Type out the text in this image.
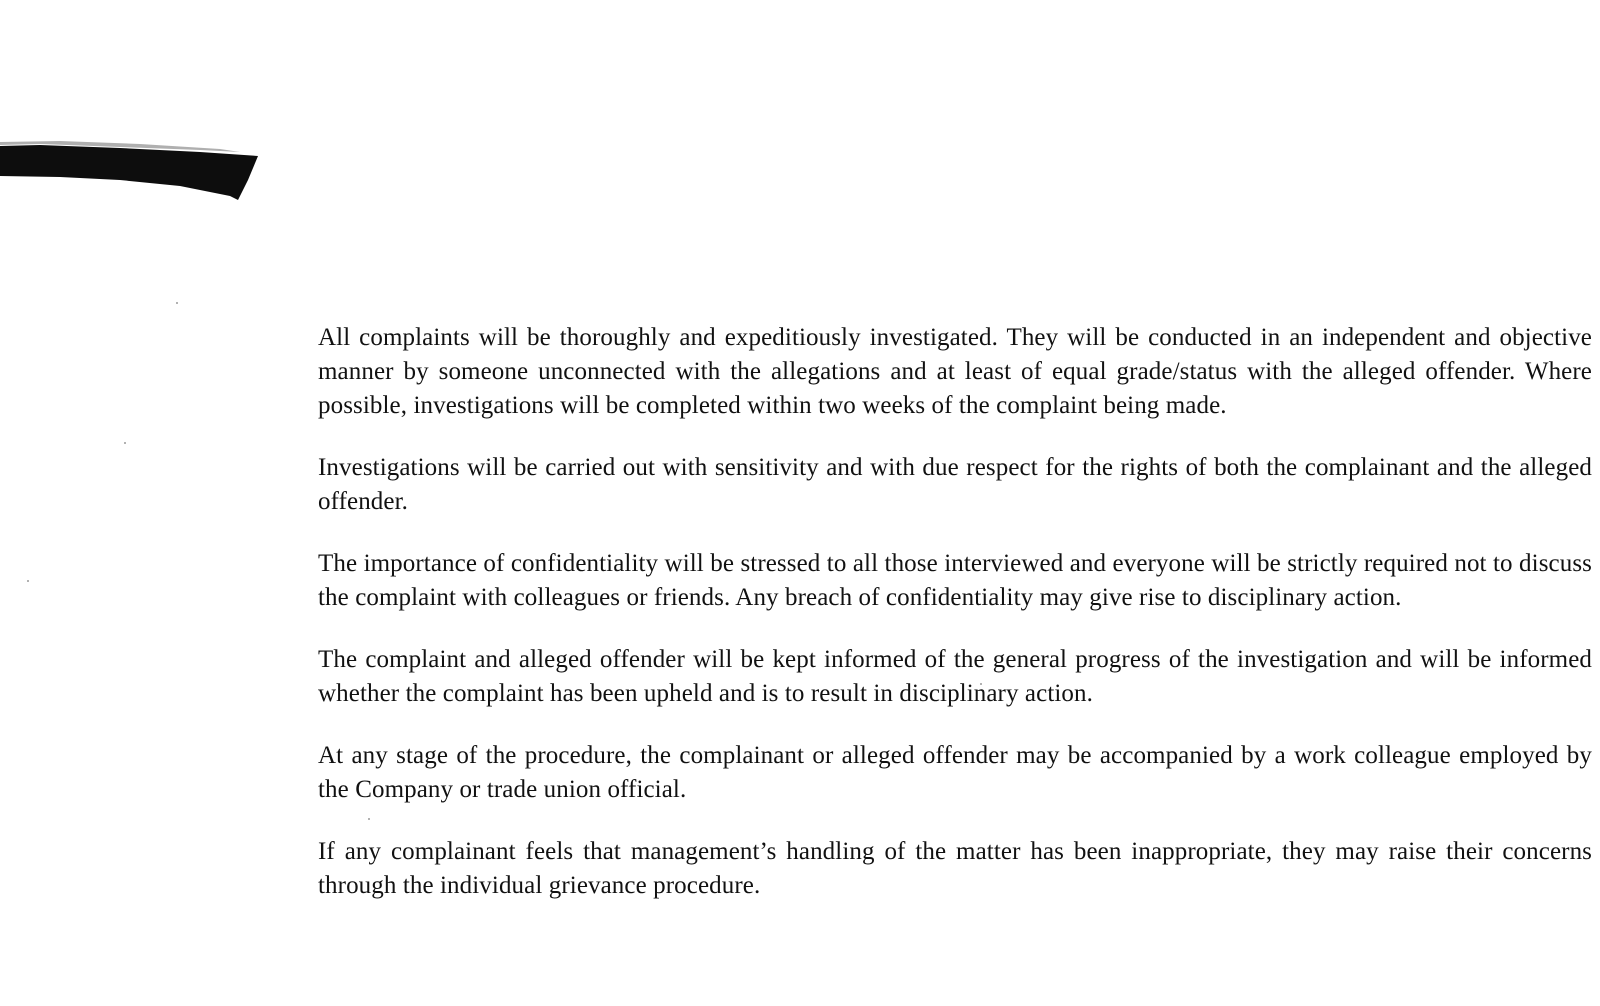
All complaints will be thoroughly and expeditiously investigated. They will be conducted in an independent and objective manner by someone unconnected with the allegations and at least of equal grade/status with the alleged offender. Where possible, investigations will be completed within two weeks of the complaint being made.

Investigations will be carried out with sensitivity and with due respect for the rights of both the complainant and the alleged offender.

The importance of confidentiality will be stressed to all those interviewed and everyone will be strictly required not to discuss the complaint with colleagues or friends. Any breach of confidentiality may give rise to disciplinary action.

The complaint and alleged offender will be kept informed of the general progress of the investigation and will be informed whether the complaint has been upheld and is to result in disciplinary action.

At any stage of the procedure, the complainant or alleged offender may be accompanied by a work colleague employed by the Company or trade union official.

If any complainant feels that management’s handling of the matter has been inappropriate, they may raise their concerns through the individual grievance procedure.
